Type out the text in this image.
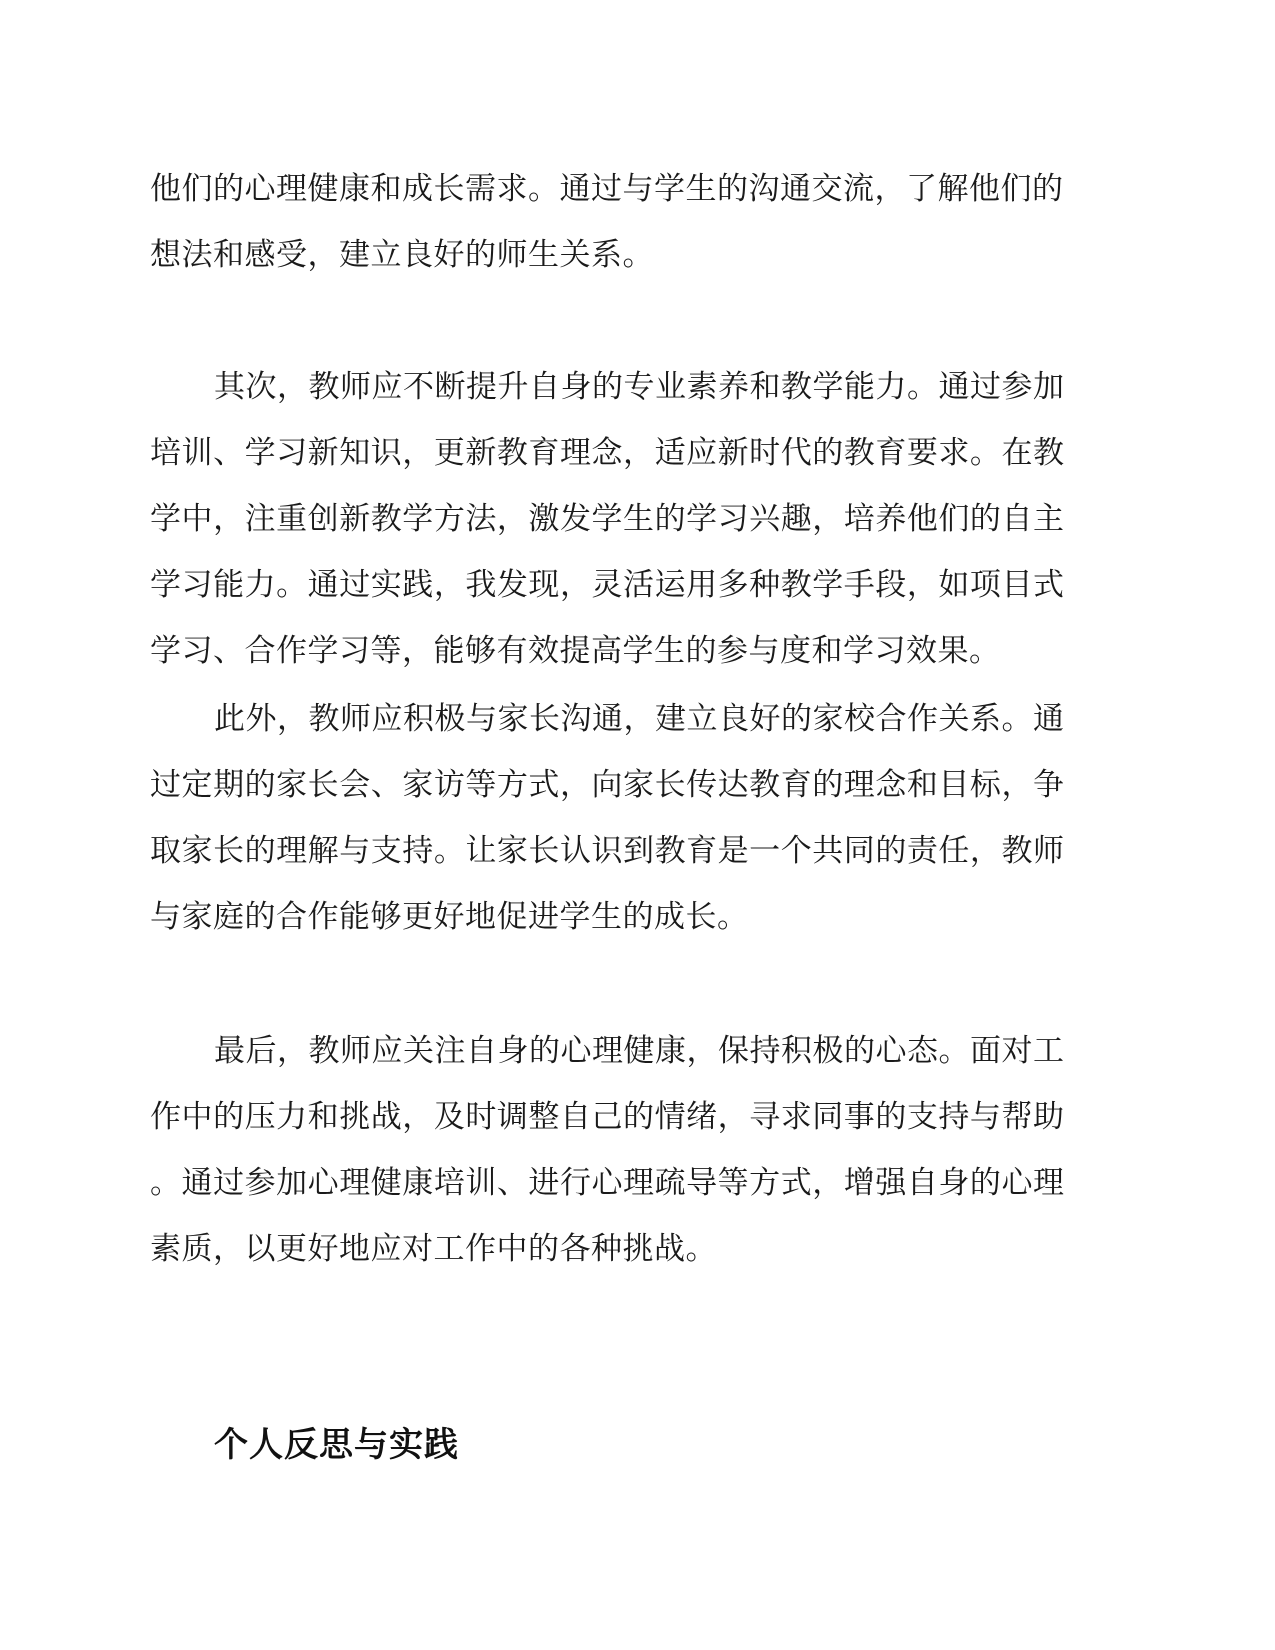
他们的心理健康和成长需求。通过与学生的沟通交流，了解他们的
想法和感受，建立良好的师生关系。

其次，教师应不断提升自身的专业素养和教学能力。通过参加
培训、学习新知识，更新教育理念，适应新时代的教育要求。在教
学中，注重创新教学方法，激发学生的学习兴趣，培养他们的自主
学习能力。通过实践，我发现，灵活运用多种教学手段，如项目式
学习、合作学习等，能够有效提高学生的参与度和学习效果。

此外，教师应积极与家长沟通，建立良好的家校合作关系。通
过定期的家长会、家访等方式，向家长传达教育的理念和目标，争
取家长的理解与支持。让家长认识到教育是一个共同的责任，教师
与家庭的合作能够更好地促进学生的成长。

最后，教师应关注自身的心理健康，保持积极的心态。面对工
作中的压力和挑战，及时调整自己的情绪，寻求同事的支持与帮助
。通过参加心理健康培训、进行心理疏导等方式，增强自身的心理
素质，以更好地应对工作中的各种挑战。

个人反思与实践
